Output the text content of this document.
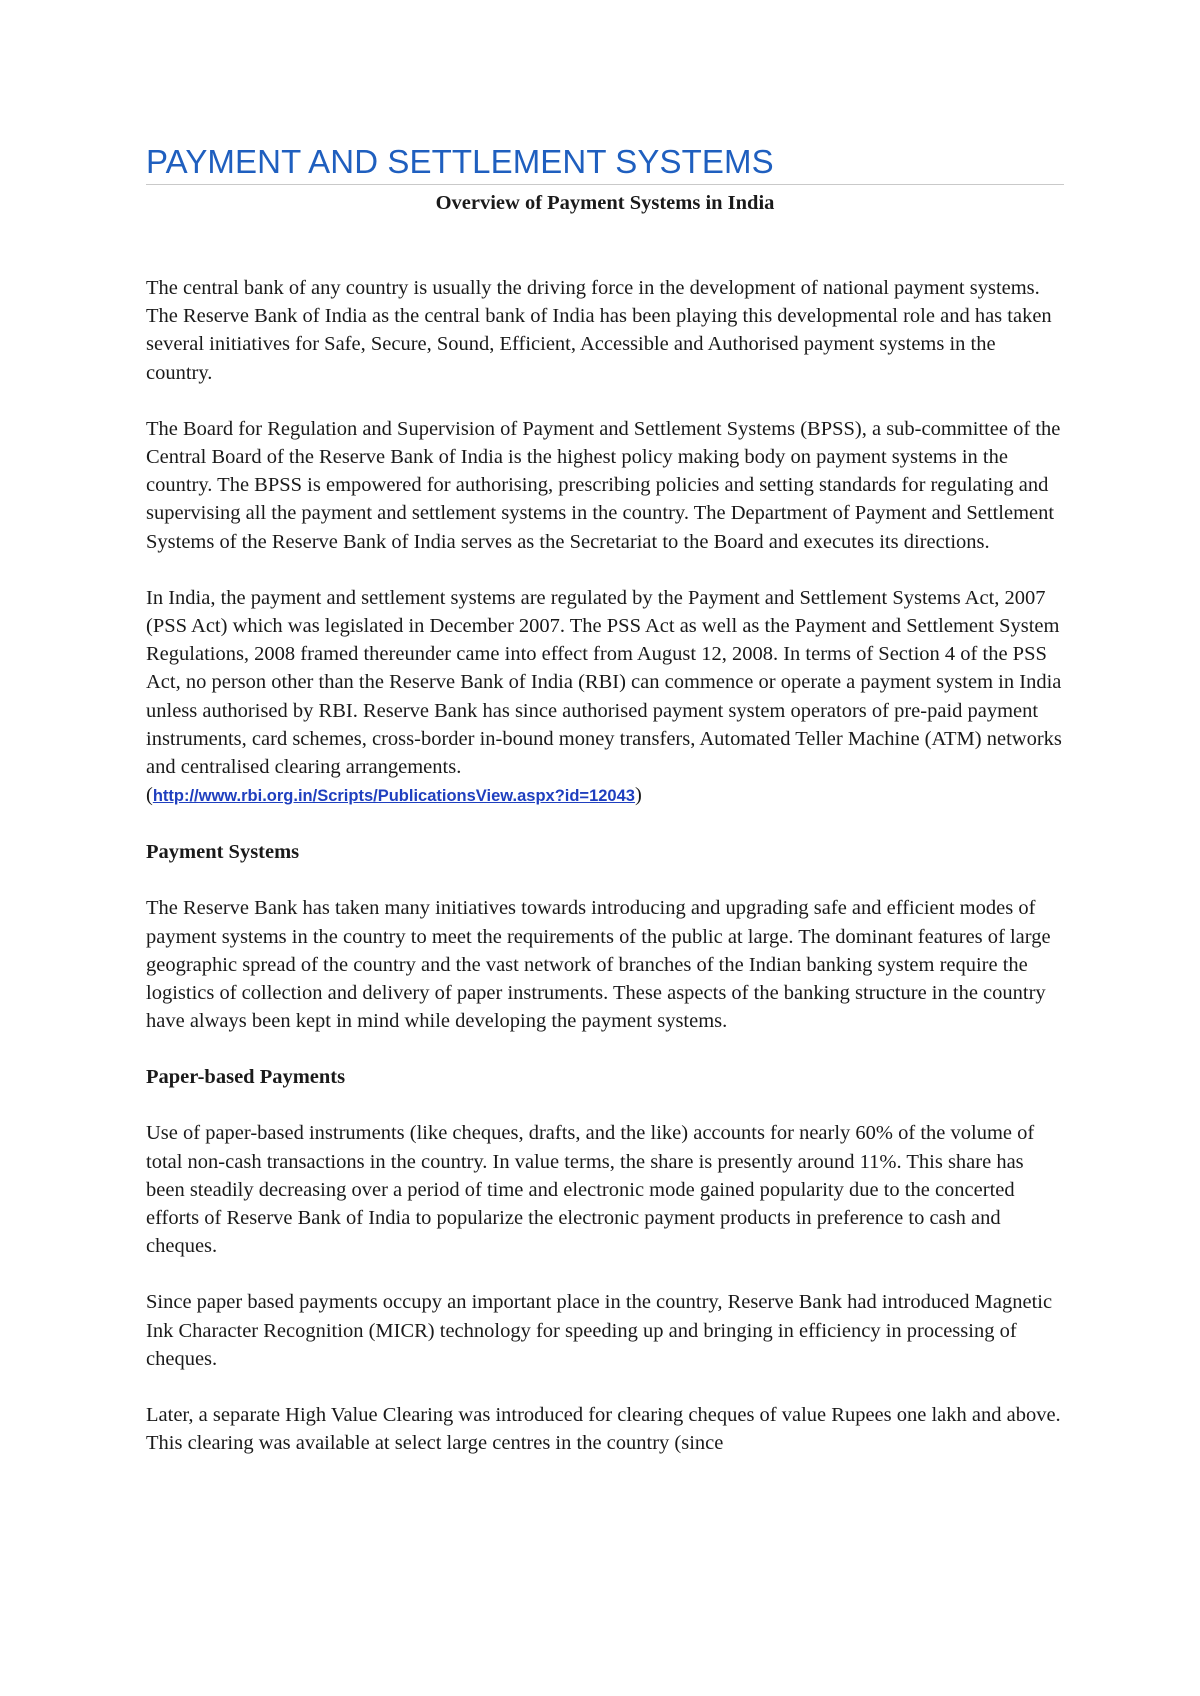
PAYMENT AND SETTLEMENT SYSTEMS
Overview of Payment Systems in India

The central bank of any country is usually the driving force in the development of national payment systems. The Reserve Bank of India as the central bank of India has been playing this developmental role and has taken several initiatives for Safe, Secure, Sound, Efficient, Accessible and Authorised payment systems in the country.

The Board for Regulation and Supervision of Payment and Settlement Systems (BPSS), a sub-committee of the Central Board of the Reserve Bank of India is the highest policy making body on payment systems in the country. The BPSS is empowered for authorising, prescribing policies and setting standards for regulating and supervising all the payment and settlement systems in the country. The Department of Payment and Settlement Systems of the Reserve Bank of India serves as the Secretariat to the Board and executes its directions.

In India, the payment and settlement systems are regulated by the Payment and Settlement Systems Act, 2007 (PSS Act) which was legislated in December 2007. The PSS Act as well as the Payment and Settlement System Regulations, 2008 framed thereunder came into effect from August 12, 2008. In terms of Section 4 of the PSS Act, no person other than the Reserve Bank of India (RBI) can commence or operate a payment system in India unless authorised by RBI. Reserve Bank has since authorised payment system operators of pre-paid payment instruments, card schemes, cross-border in-bound money transfers, Automated Teller Machine (ATM) networks and centralised clearing arrangements.
(http://www.rbi.org.in/Scripts/PublicationsView.aspx?id=12043)

Payment Systems

The Reserve Bank has taken many initiatives towards introducing and upgrading safe and efficient modes of payment systems in the country to meet the requirements of the public at large. The dominant features of large geographic spread of the country and the vast network of branches of the Indian banking system require the logistics of collection and delivery of paper instruments. These aspects of the banking structure in the country have always been kept in mind while developing the payment systems.

Paper-based Payments

Use of paper-based instruments (like cheques, drafts, and the like) accounts for nearly 60% of the volume of total non-cash transactions in the country. In value terms, the share is presently around 11%. This share has been steadily decreasing over a period of time and electronic mode gained popularity due to the concerted efforts of Reserve Bank of India to popularize the electronic payment products in preference to cash and cheques.

Since paper based payments occupy an important place in the country, Reserve Bank had introduced Magnetic Ink Character Recognition (MICR) technology for speeding up and bringing in efficiency in processing of cheques.

Later, a separate High Value Clearing was introduced for clearing cheques of value Rupees one lakh and above. This clearing was available at select large centres in the country (since
